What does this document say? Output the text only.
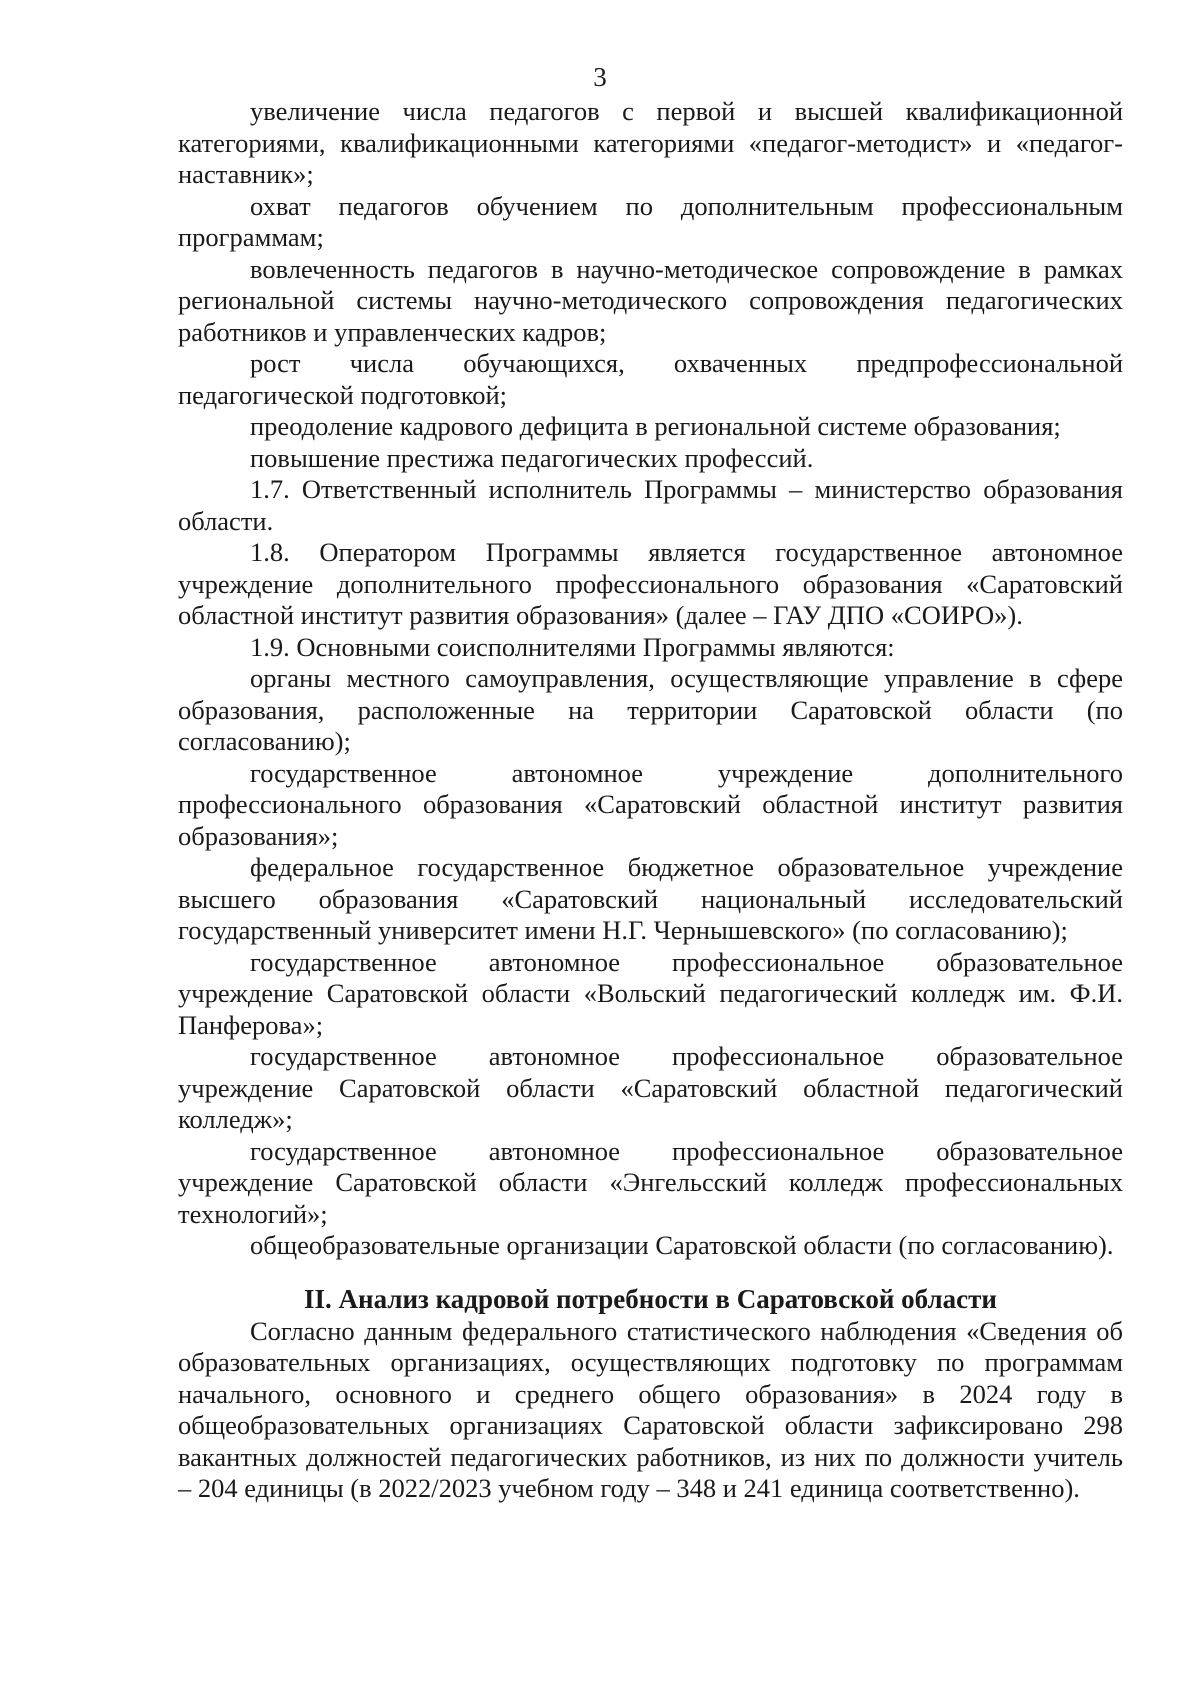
3

увеличение числа педагогов с первой и высшей квалификационной категориями, квалификационными категориями «педагог-методист» и «педагог-наставник»;

охват педагогов обучением по дополнительным профессиональным программам;

вовлеченность педагогов в научно-методическое сопровождение в рамках региональной системы научно-методического сопровождения педагогических работников и управленческих кадров;

рост числа обучающихся, охваченных предпрофессиональной педагогической подготовкой;

преодоление кадрового дефицита в региональной системе образования;

повышение престижа педагогических профессий.

1.7. Ответственный исполнитель Программы – министерство образования области.

1.8. Оператором Программы является государственное автономное учреждение дополнительного профессионального образования «Саратовский областной институт развития образования» (далее – ГАУ ДПО «СОИРО»).

1.9. Основными соисполнителями Программы являются:

органы местного самоуправления, осуществляющие управление в сфере образования, расположенные на территории Саратовской области (по согласованию);

государственное автономное учреждение дополнительного профессионального образования «Саратовский областной институт развития образования»;

федеральное государственное бюджетное образовательное учреждение высшего образования «Саратовский национальный исследовательский государственный университет имени Н.Г. Чернышевского» (по согласованию);

государственное автономное профессиональное образовательное учреждение Саратовской области «Вольский педагогический колледж им. Ф.И. Панферова»;

государственное автономное профессиональное образовательное учреждение Саратовской области «Саратовский областной педагогический колледж»;

государственное автономное профессиональное образовательное учреждение Саратовской области «Энгельсский колледж профессиональных технологий»;

общеобразовательные организации Саратовской области (по согласованию).

II. Анализ кадровой потребности в Саратовской области

Согласно данным федерального статистического наблюдения «Сведения об образовательных организациях, осуществляющих подготовку по программам начального, основного и среднего общего образования» в 2024 году в общеобразовательных организациях Саратовской области зафиксировано 298 вакантных должностей педагогических работников, из них по должности учитель – 204 единицы (в 2022/2023 учебном году – 348 и 241 единица соответственно).
